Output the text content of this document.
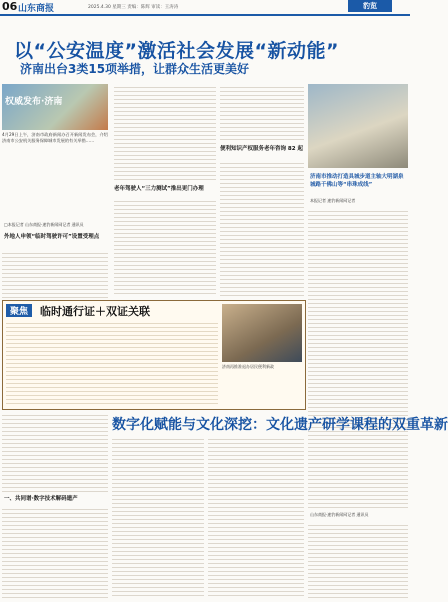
06 山东商报	2025.4.30 星期三 责编：陈辉 审读：王涛涛	豹览
以“公安温度”激活社会发展“新动能”
济南出台3类15项举措，让群众生活更美好
权威发布·济南
4月29日上午，济南市政府新闻办召开新闻发布会，介绍济南市公安机关服务保障城市发展的有关举措……
□本报记者 山东商报·速豹新闻网记者 通讯员
外地人申领“临时驾驶许可”设置受理点
老年驾驶人“三力测试”推出更门办理
便利知识产权服务老年咨询 82 起
济南市推动打造具城步道主轴大明湖泉城路千佛山等“串珠成线”
本报记者 速豹新闻网记者
聚焦	临时通行证＋双证关联
济南再推准退办居民便利新政
一、共同谱·数字技术解码遗产
数字化赋能与文化深挖：文化遗产研学课程的双重革新
山东商报·速豹新闻网记者 通讯员
